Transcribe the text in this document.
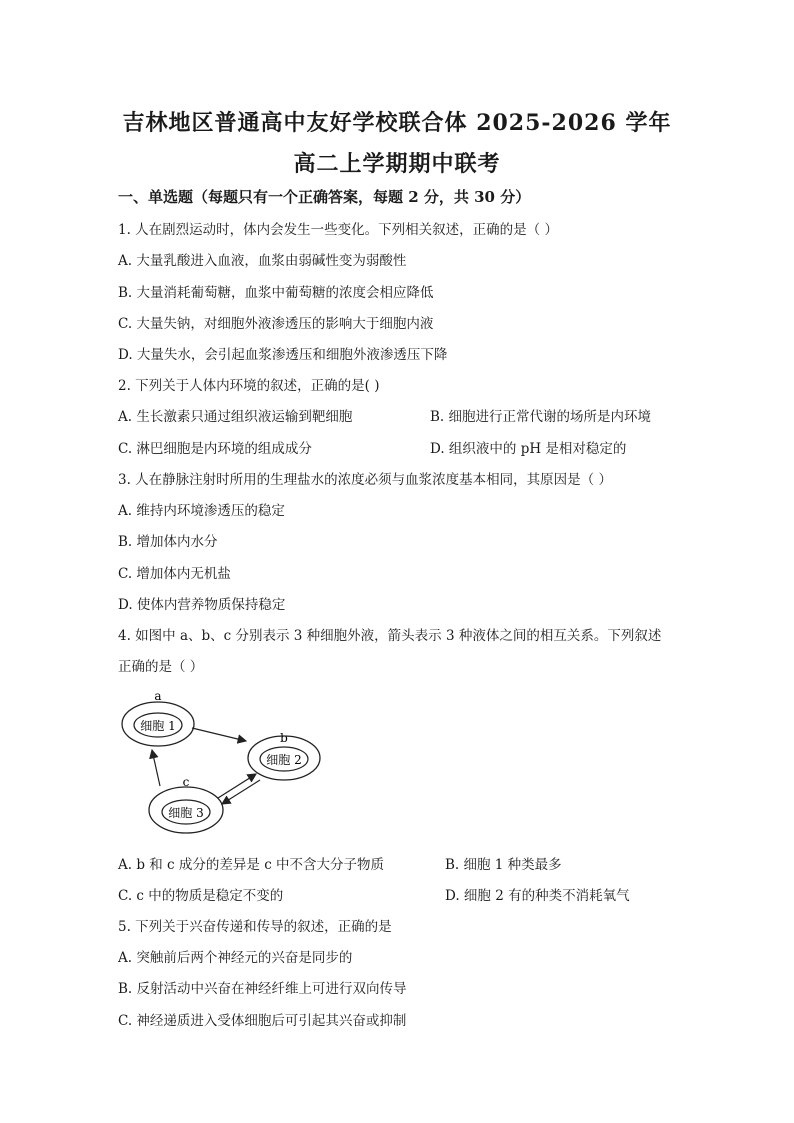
吉林地区普通高中友好学校联合体 2025-2026 学年
高二上学期期中联考
一、单选题（每题只有一个正确答案，每题 2 分，共 30 分）
1. 人在剧烈运动时，体内会发生一些变化。下列相关叙述，正确的是（ ）
A. 大量乳酸进入血液，血浆由弱碱性变为弱酸性
B. 大量消耗葡萄糖，血浆中葡萄糖的浓度会相应降低
C. 大量失钠，对细胞外液渗透压的影响大于细胞内液
D. 大量失水，会引起血浆渗透压和细胞外液渗透压下降
2. 下列关于人体内环境的叙述，正确的是( )
A. 生长激素只通过组织液运输到靶细胞	B. 细胞进行正常代谢的场所是内环境
C. 淋巴细胞是内环境的组成成分	D. 组织液中的 pH 是相对稳定的
3. 人在静脉注射时所用的生理盐水的浓度必须与血浆浓度基本相同，其原因是（ ）
A. 维持内环境渗透压的稳定
B. 增加体内水分
C. 增加体内无机盐
D. 使体内营养物质保持稳定
4. 如图中 a、b、c 分别表示 3 种细胞外液，箭头表示 3 种液体之间的相互关系。下列叙述
正确的是（ ）
a
细胞 1
b
细胞 2
c
细胞 3
A. b 和 c 成分的差异是 c 中不含大分子物质	B. 细胞 1 种类最多
C. c 中的物质是稳定不变的	D. 细胞 2 有的种类不消耗氧气
5. 下列关于兴奋传递和传导的叙述，正确的是
A. 突触前后两个神经元的兴奋是同步的
B. 反射活动中兴奋在神经纤维上可进行双向传导
C. 神经递质进入受体细胞后可引起其兴奋或抑制
